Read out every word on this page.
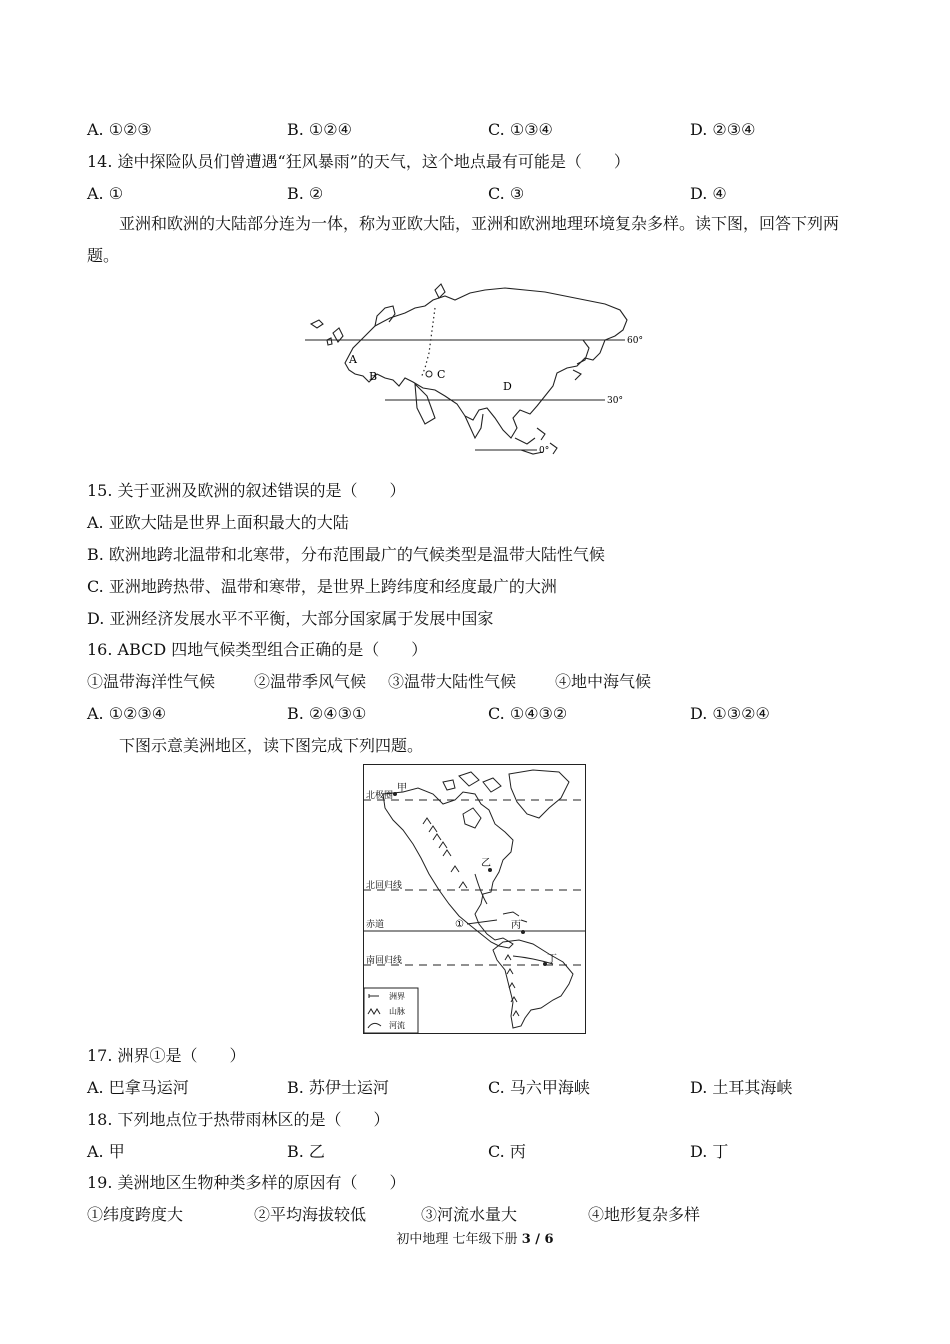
A. ①②③	B. ①②④	C. ①③④	D. ②③④
14. 途中探险队员们曾遭遇“狂风暴雨”的天气，这个地点最有可能是（　　）
A. ①	B. ②	C. ③	D. ④
亚洲和欧洲的大陆部分连为一体，称为亚欧大陆，亚洲和欧洲地理环境复杂多样。读下图，回答下列两题。
60°
30°
0°
A
B	C
D
15. 关于亚洲及欧洲的叙述错误的是（　　）
A. 亚欧大陆是世界上面积最大的大陆
B. 欧洲地跨北温带和北寒带，分布范围最广的气候类型是温带大陆性气候
C. 亚洲地跨热带、温带和寒带，是世界上跨纬度和经度最广的大洲
D. 亚洲经济发展水平不平衡，大部分国家属于发展中国家
16. ABCD 四地气候类型组合正确的是（　　）
①温带海洋性气候 ②温带季风气候 ③温带大陆性气候 ④地中海气候
A. ①②③④	B. ②④③①	C. ①④③②	D. ①③②④
下图示意美洲地区，读下图完成下列四题。
北极圈
北回归线
赤道
南回归线
甲
乙
丙
丁
①
洲界
山脉
河流
17. 洲界①是（　　）
A. 巴拿马运河	B. 苏伊士运河	C. 马六甲海峡	D. 土耳其海峡
18. 下列地点位于热带雨林区的是（　　）
A. 甲	B. 乙	C. 丙	D. 丁
19. 美洲地区生物种类多样的原因有（　　）
①纬度跨度大	②平均海拔较低	③河流水量大	④地形复杂多样
初中地理 七年级下册 3 / 6
